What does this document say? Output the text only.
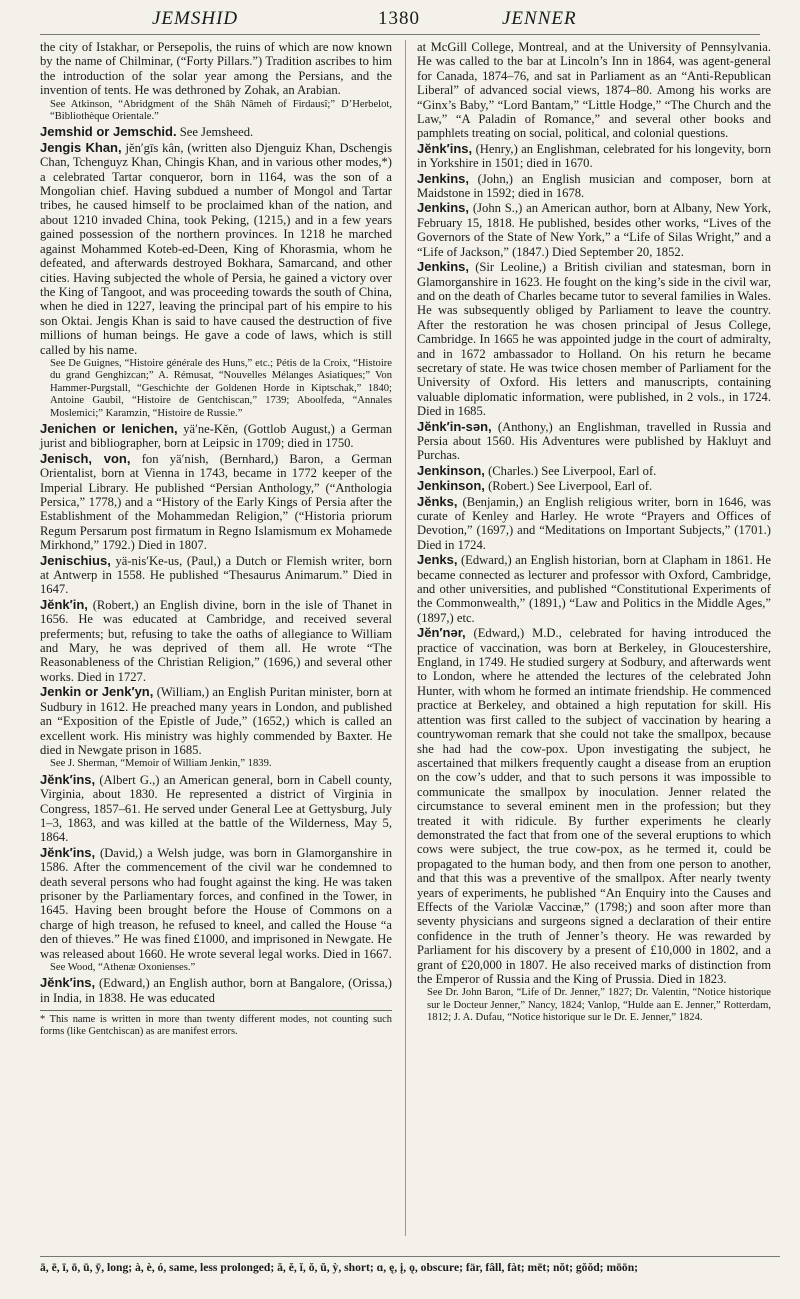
JEMSHID	1380	JENNER
the city of Istakhar, or Persepolis, the ruins of which are now known by the name of Chilminar, (“Forty Pillars.”) Tradition ascribes to him the introduction of the solar year among the Persians, and the invention of tents. He was dethroned by Zohak, an Arabian.
See Atkinson, “Abridgment of the Shâh Nâmeh of Firdausî;” D’Herbelot, “Bibliothèque Orientale.”
Jemshid or Jemschid. See Jemsheed.
Jengis Khan, jĕn′gīs kân, (written also Djenguiz Khan, Dschengis Chan, Tchenguyz Khan, Chingis Khan, and in various other modes,*) a celebrated Tartar conqueror, born in 1164, was the son of a Mongolian chief. Having subdued a number of Mongol and Tartar tribes, he caused himself to be proclaimed khan of the nation, and about 1210 invaded China, took Peking, (1215,) and in a few years gained possession of the northern provinces. In 1218 he marched against Mohammed Koteb-ed-Deen, King of Khorasmia, whom he defeated, and afterwards destroyed Bokhara, Samarcand, and other cities. Having subjected the whole of Persia, he gained a victory over the King of Tangoot, and was proceeding towards the south of China, when he died in 1227, leaving the principal part of his empire to his son Oktai. Jengis Khan is said to have caused the destruction of five millions of human beings. He gave a code of laws, which is still called by his name.
See De Guignes, “Histoire générale des Huns,” etc.; Pétis de la Croix, “Histoire du grand Genghizcan;” A. Rémusat, “Nouvelles Mélanges Asiatiques;” Von Hammer-Purgstall, “Geschichte der Goldenen Horde in Kiptschak,” 1840; Antoine Gaubil, “Histoire de Gentchiscan,” 1739; Aboolfeda, “Annales Moslemici;” Karamzin, “Histoire de Russie.”
Jenichen or Ienichen, yä′ne-Kĕn, (Gottlob August,) a German jurist and bibliographer, born at Leipsic in 1709; died in 1750.
Jenisch, von, fon yä′nish, (Bernhard,) Baron, a German Orientalist, born at Vienna in 1743, became in 1772 keeper of the Imperial Library. He published “Persian Anthology,” (“Anthologia Persica,” 1778,) and a “History of the Early Kings of Persia after the Establishment of the Mohammedan Religion,” (“Historia priorum Regum Persarum post firmatum in Regno Islamismum ex Mohamede Mirkhond,” 1792.) Died in 1807.
Jenischius, yä-nis′Ke-us, (Paul,) a Dutch or Flemish writer, born at Antwerp in 1558. He published “Thesaurus Animarum.” Died in 1647.
Jĕnk′in, (Robert,) an English divine, born in the isle of Thanet in 1656. He was educated at Cambridge, and received several preferments; but, refusing to take the oaths of allegiance to William and Mary, he was deprived of them all. He wrote “The Reasonableness of the Christian Religion,” (1696,) and several other works. Died in 1727.
Jenkin or Jenk′yn, (William,) an English Puritan minister, born at Sudbury in 1612. He preached many years in London, and published an “Exposition of the Epistle of Jude,” (1652,) which is called an excellent work. His ministry was highly commended by Baxter. He died in Newgate prison in 1685.
See J. Sherman, “Memoir of William Jenkin,” 1839.
Jĕnk′ins, (Albert G.,) an American general, born in Cabell county, Virginia, about 1830. He represented a district of Virginia in Congress, 1857–61. He served under General Lee at Gettysburg, July 1–3, 1863, and was killed at the battle of the Wilderness, May 5, 1864.
Jĕnk′ins, (David,) a Welsh judge, was born in Glamorganshire in 1586. After the commencement of the civil war he condemned to death several persons who had fought against the king. He was taken prisoner by the Parliamentary forces, and confined in the Tower, in 1645. Having been brought before the House of Commons on a charge of high treason, he refused to kneel, and called the House “a den of thieves.” He was fined £1000, and imprisoned in Newgate. He was released about 1660. He wrote several legal works. Died in 1667.
See Wood, “Athenæ Oxonienses.”
Jĕnk′ins, (Edward,) an English author, born at Bangalore, (Orissa,) in India, in 1838. He was educated
* This name is written in more than twenty different modes, not counting such forms (like Gentchiscan) as are manifest errors.
at McGill College, Montreal, and at the University of Pennsylvania. He was called to the bar at Lincoln’s Inn in 1864, was agent-general for Canada, 1874–76, and sat in Parliament as an “Anti-Republican Liberal” of advanced social views, 1874–80. Among his works are “Ginx’s Baby,” “Lord Bantam,” “Little Hodge,” “The Church and the Law,” “A Paladin of Romance,” and several other books and pamphlets treating on social, political, and colonial questions.
Jĕnk′ins, (Henry,) an Englishman, celebrated for his longevity, born in Yorkshire in 1501; died in 1670.
Jenkins, (John,) an English musician and composer, born at Maidstone in 1592; died in 1678.
Jenkins, (John S.,) an American author, born at Albany, New York, February 15, 1818. He published, besides other works, “Lives of the Governors of the State of New York,” a “Life of Silas Wright,” and a “Life of Jackson,” (1847.) Died September 20, 1852.
Jenkins, (Sir Leoline,) a British civilian and statesman, born in Glamorganshire in 1623. He fought on the king’s side in the civil war, and on the death of Charles became tutor to several families in Wales. He was subsequently obliged by Parliament to leave the country. After the restoration he was chosen principal of Jesus College, Cambridge. In 1665 he was appointed judge in the court of admiralty, and in 1672 ambassador to Holland. On his return he became secretary of state. He was twice chosen member of Parliament for the University of Oxford. His letters and manuscripts, containing valuable diplomatic information, were published, in 2 vols., in 1724. Died in 1685.
Jĕnk′in-sən, (Anthony,) an Englishman, travelled in Russia and Persia about 1560. His Adventures were published by Hakluyt and Purchas.
Jenkinson, (Charles.) See Liverpool, Earl of.
Jenkinson, (Robert.) See Liverpool, Earl of.
Jĕnks, (Benjamin,) an English religious writer, born in 1646, was curate of Kenley and Harley. He wrote “Prayers and Offices of Devotion,” (1697,) and “Meditations on Important Subjects,” (1701.) Died in 1724.
Jenks, (Edward,) an English historian, born at Clapham in 1861. He became connected as lecturer and professor with Oxford, Cambridge, and other universities, and published “Constitutional Experiments of the Commonwealth,” (1891,) “Law and Politics in the Middle Ages,” (1897,) etc.
Jĕn′nər, (Edward,) M.D., celebrated for having introduced the practice of vaccination, was born at Berkeley, in Gloucestershire, England, in 1749. He studied surgery at Sodbury, and afterwards went to London, where he attended the lectures of the celebrated John Hunter, with whom he formed an intimate friendship. He commenced practice at Berkeley, and obtained a high reputation for skill. His attention was first called to the subject of vaccination by hearing a countrywoman remark that she could not take the smallpox, because she had had the cow-pox. Upon investigating the subject, he ascertained that milkers frequently caught a disease from an eruption on the cow’s udder, and that to such persons it was impossible to communicate the smallpox by inoculation. Jenner related the circumstance to several eminent men in the profession; but they treated it with ridicule. By further experiments he clearly demonstrated the fact that from one of the several eruptions to which cows were subject, the true cow-pox, as he termed it, could be propagated to the human body, and then from one person to another, and that this was a preventive of the smallpox. After nearly twenty years of experiments, he published “An Enquiry into the Causes and Effects of the Variolæ Vaccinæ,” (1798;) and soon after more than seventy physicians and surgeons signed a declaration of their entire confidence in the truth of Jenner’s theory. He was rewarded by Parliament for his discovery by a present of £10,000 in 1802, and a grant of £20,000 in 1807. He also received marks of distinction from the Emperor of Russia and the King of Prussia. Died in 1823.
See Dr. John Baron, “Life of Dr. Jenner,” 1827; Dr. Valentin, “Notice historique sur le Docteur Jenner,” Nancy, 1824; Vanlop, “Hulde aan E. Jenner,” Rotterdam, 1812; J. A. Dufau, “Notice historique sur le Dr. E. Jenner,” 1824.
ā, ē, ī, ō, ū, ȳ, long; à, è, ó, same, less prolonged; ă, ĕ, ĭ, ŏ, ŭ, ỳ, short; ɑ, ę, į, ǫ, obscure; fär, fâll, fàt; mēt; nŏt; gŏŏd; mōōn;
